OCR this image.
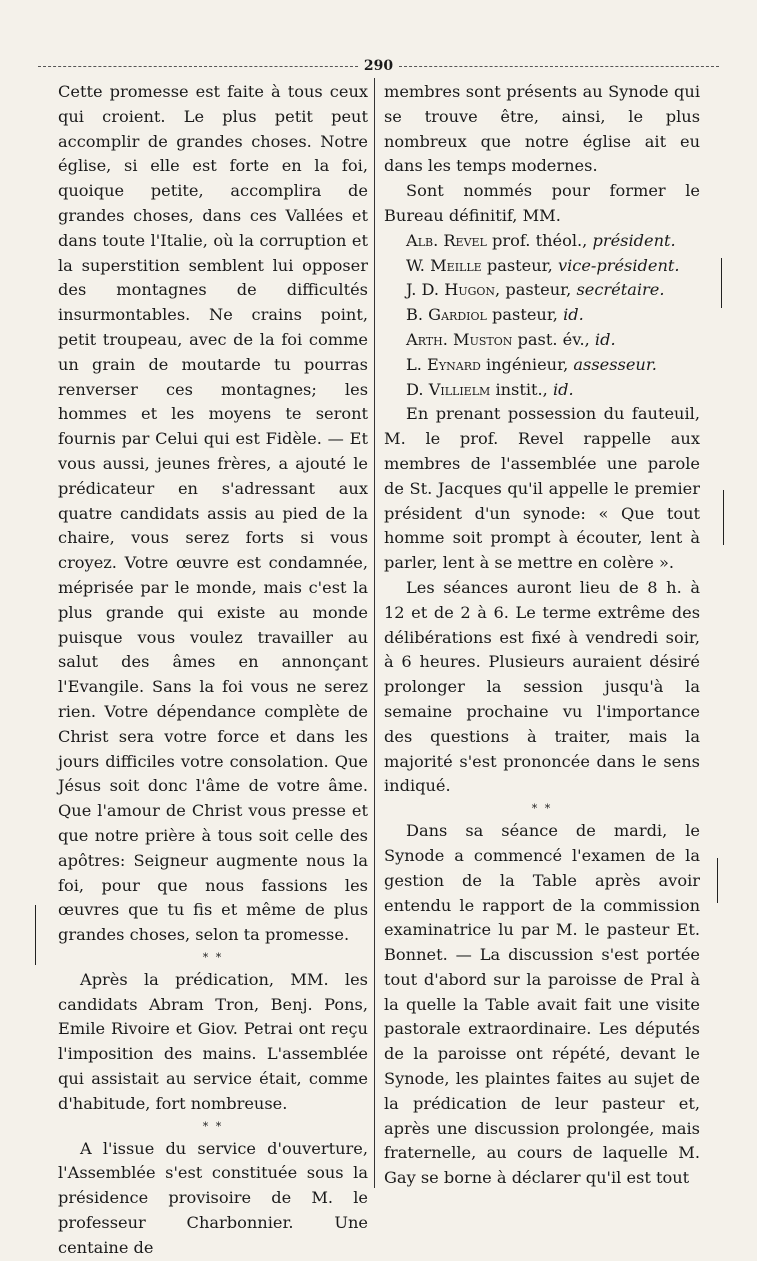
290

Cette promesse est faite à tous ceux qui croient. Le plus petit peut accomplir de grandes choses. Notre église, si elle est forte en la foi, quoique petite, accomplira de grandes choses, dans ces Vallées et dans toute l'Italie, où la corruption et la superstition semblent lui opposer des montagnes de difficultés insurmontables. Ne crains point, petit troupeau, avec de la foi comme un grain de moutarde tu pourras renverser ces montagnes; les hommes et les moyens te seront fournis par Celui qui est Fidèle. — Et vous aussi, jeunes frères, a ajouté le prédicateur en s'adressant aux quatre candidats assis au pied de la chaire, vous serez forts si vous croyez. Votre œuvre est condamnée, méprisée par le monde, mais c'est la plus grande qui existe au monde puisque vous voulez travailler au salut des âmes en annonçant l'Evangile. Sans la foi vous ne serez rien. Votre dépendance complète de Christ sera votre force et dans les jours difficiles votre consolation. Que Jésus soit donc l'âme de votre âme. Que l'amour de Christ vous presse et que notre prière à tous soit celle des apôtres: Seigneur augmente nous la foi, pour que nous fassions les œuvres que tu fis et même de plus grandes choses, selon ta promesse.

* *

Après la prédication, MM. les candidats Abram Tron, Benj. Pons, Emile Rivoire et Giov. Petrai ont reçu l'imposition des mains. L'assemblée qui assistait au service était, comme d'habitude, fort nombreuse.

* *

A l'issue du service d'ouverture, l'Assemblée s'est constituée sous la présidence provisoire de M. le professeur Charbonnier. Une centaine de

membres sont présents au Synode qui se trouve être, ainsi, le plus nombreux que notre église ait eu dans les temps modernes.

Sont nommés pour former le Bureau définitif, MM.

Alb. Revel prof. théol., président.
W. Meille pasteur, vice-président.
J. D. Hugon, pasteur, secrétaire.
B. Gardiol pasteur, id.
Arth. Muston past. év., id.
L. Eynard ingénieur, assesseur.
D. Villielm instit., id.

En prenant possession du fauteuil, M. le prof. Revel rappelle aux membres de l'assemblée une parole de St. Jacques qu'il appelle le premier président d'un synode: « Que tout homme soit prompt à écouter, lent à parler, lent à se mettre en colère ».

Les séances auront lieu de 8 h. à 12 et de 2 à 6. Le terme extrême des délibérations est fixé à vendredi soir, à 6 heures. Plusieurs auraient désiré prolonger la session jusqu'à la semaine prochaine vu l'importance des questions à traiter, mais la majorité s'est prononcée dans le sens indiqué.

* *

Dans sa séance de mardi, le Synode a commencé l'examen de la gestion de la Table après avoir entendu le rapport de la commission examinatrice lu par M. le pasteur Et. Bonnet. — La discussion s'est portée tout d'abord sur la paroisse de Pral à la quelle la Table avait fait une visite pastorale extraordinaire. Les députés de la paroisse ont répété, devant le Synode, les plaintes faites au sujet de la prédication de leur pasteur et, après une discussion prolongée, mais fraternelle, au cours de laquelle M. Gay se borne à déclarer qu'il est tout
